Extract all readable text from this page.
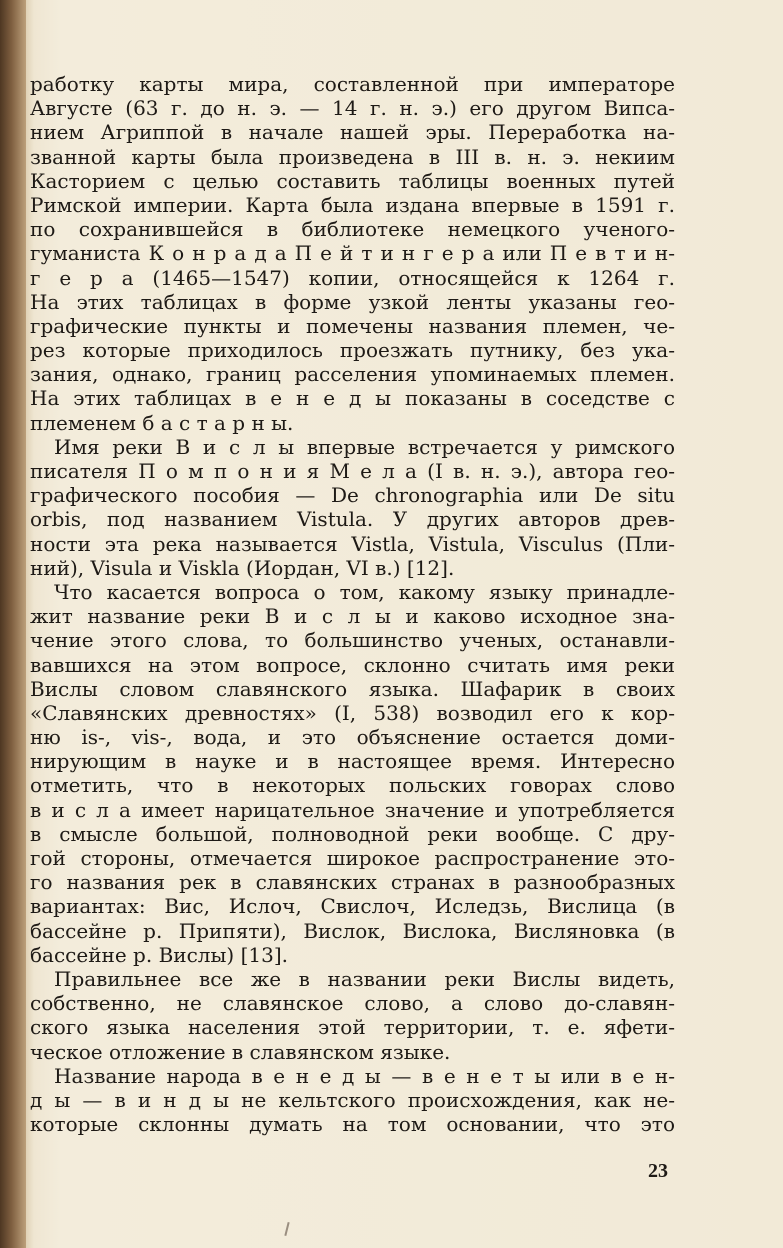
работку карты мира, составленной при императоре
Августе (63 г. до н. э. — 14 г. н. э.) его другом Випса-
нием Агриппой в начале нашей эры. Переработка на-
званной карты была произведена в III в. н. э. некиим
Касторием с целью составить таблицы военных путей
Римской империи. Карта была издана впервые в 1591 г.
по сохранившейся в библиотеке немецкого ученого-
гуманиста К о н р а д а П е й т и н г е р а или П е в т и н-
г е р а (1465—1547) копии, относящейся к 1264 г.
На этих таблицах в форме узкой ленты указаны гео-
графические пункты и помечены названия племен, че-
рез которые приходилось проезжать путнику, без ука-
зания, однако, границ расселения упоминаемых племен.
На этих таблицах в е н е д ы показаны в соседстве с
племенем б а с т а р н ы.
Имя реки В и с л ы впервые встречается у римского
писателя П о м п о н и я М е л а (I в. н. э.), автора гео-
графического пособия — De chronographia или De situ
orbis, под названием Vistula. У других авторов древ-
ности эта река называется Vistla, Vistula, Visculus (Пли-
ний), Visula и Viskla (Иордан, VI в.) [12].
Что касается вопроса о том, какому языку принадле-
жит название реки В и с л ы и каково исходное зна-
чение этого слова, то большинство ученых, останавли-
вавшихся на этом вопросе, склонно считать имя реки
Вислы словом славянского языка. Шафарик в своих
«Славянских древностях» (I, 538) возводил его к кор-
ню is-, vis-, вода, и это объяснение остается доми-
нирующим в науке и в настоящее время. Интересно
отметить, что в некоторых польских говорах слово
в и с л а имеет нарицательное значение и употребляется
в смысле большой, полноводной реки вообще. С дру-
гой стороны, отмечается широкое распространение это-
го названия рек в славянских странах в разнообразных
вариантах: Вис, Ислоч, Свислоч, Иследзь, Вислица (в
бассейне р. Припяти), Вислок, Вислока, Висляновка (в
бассейне р. Вислы) [13].
Правильнее все же в названии реки Вислы видеть,
собственно, не славянское слово, а слово до-славян-
ского языка населения этой территории, т. е. яфети-
ческое отложение в славянском языке.
Название народа в е н е д ы — в е н е т ы или в е н-
д ы — в и н д ы не кельтского происхождения, как не-
которые склонны думать на том основании, что это
23
